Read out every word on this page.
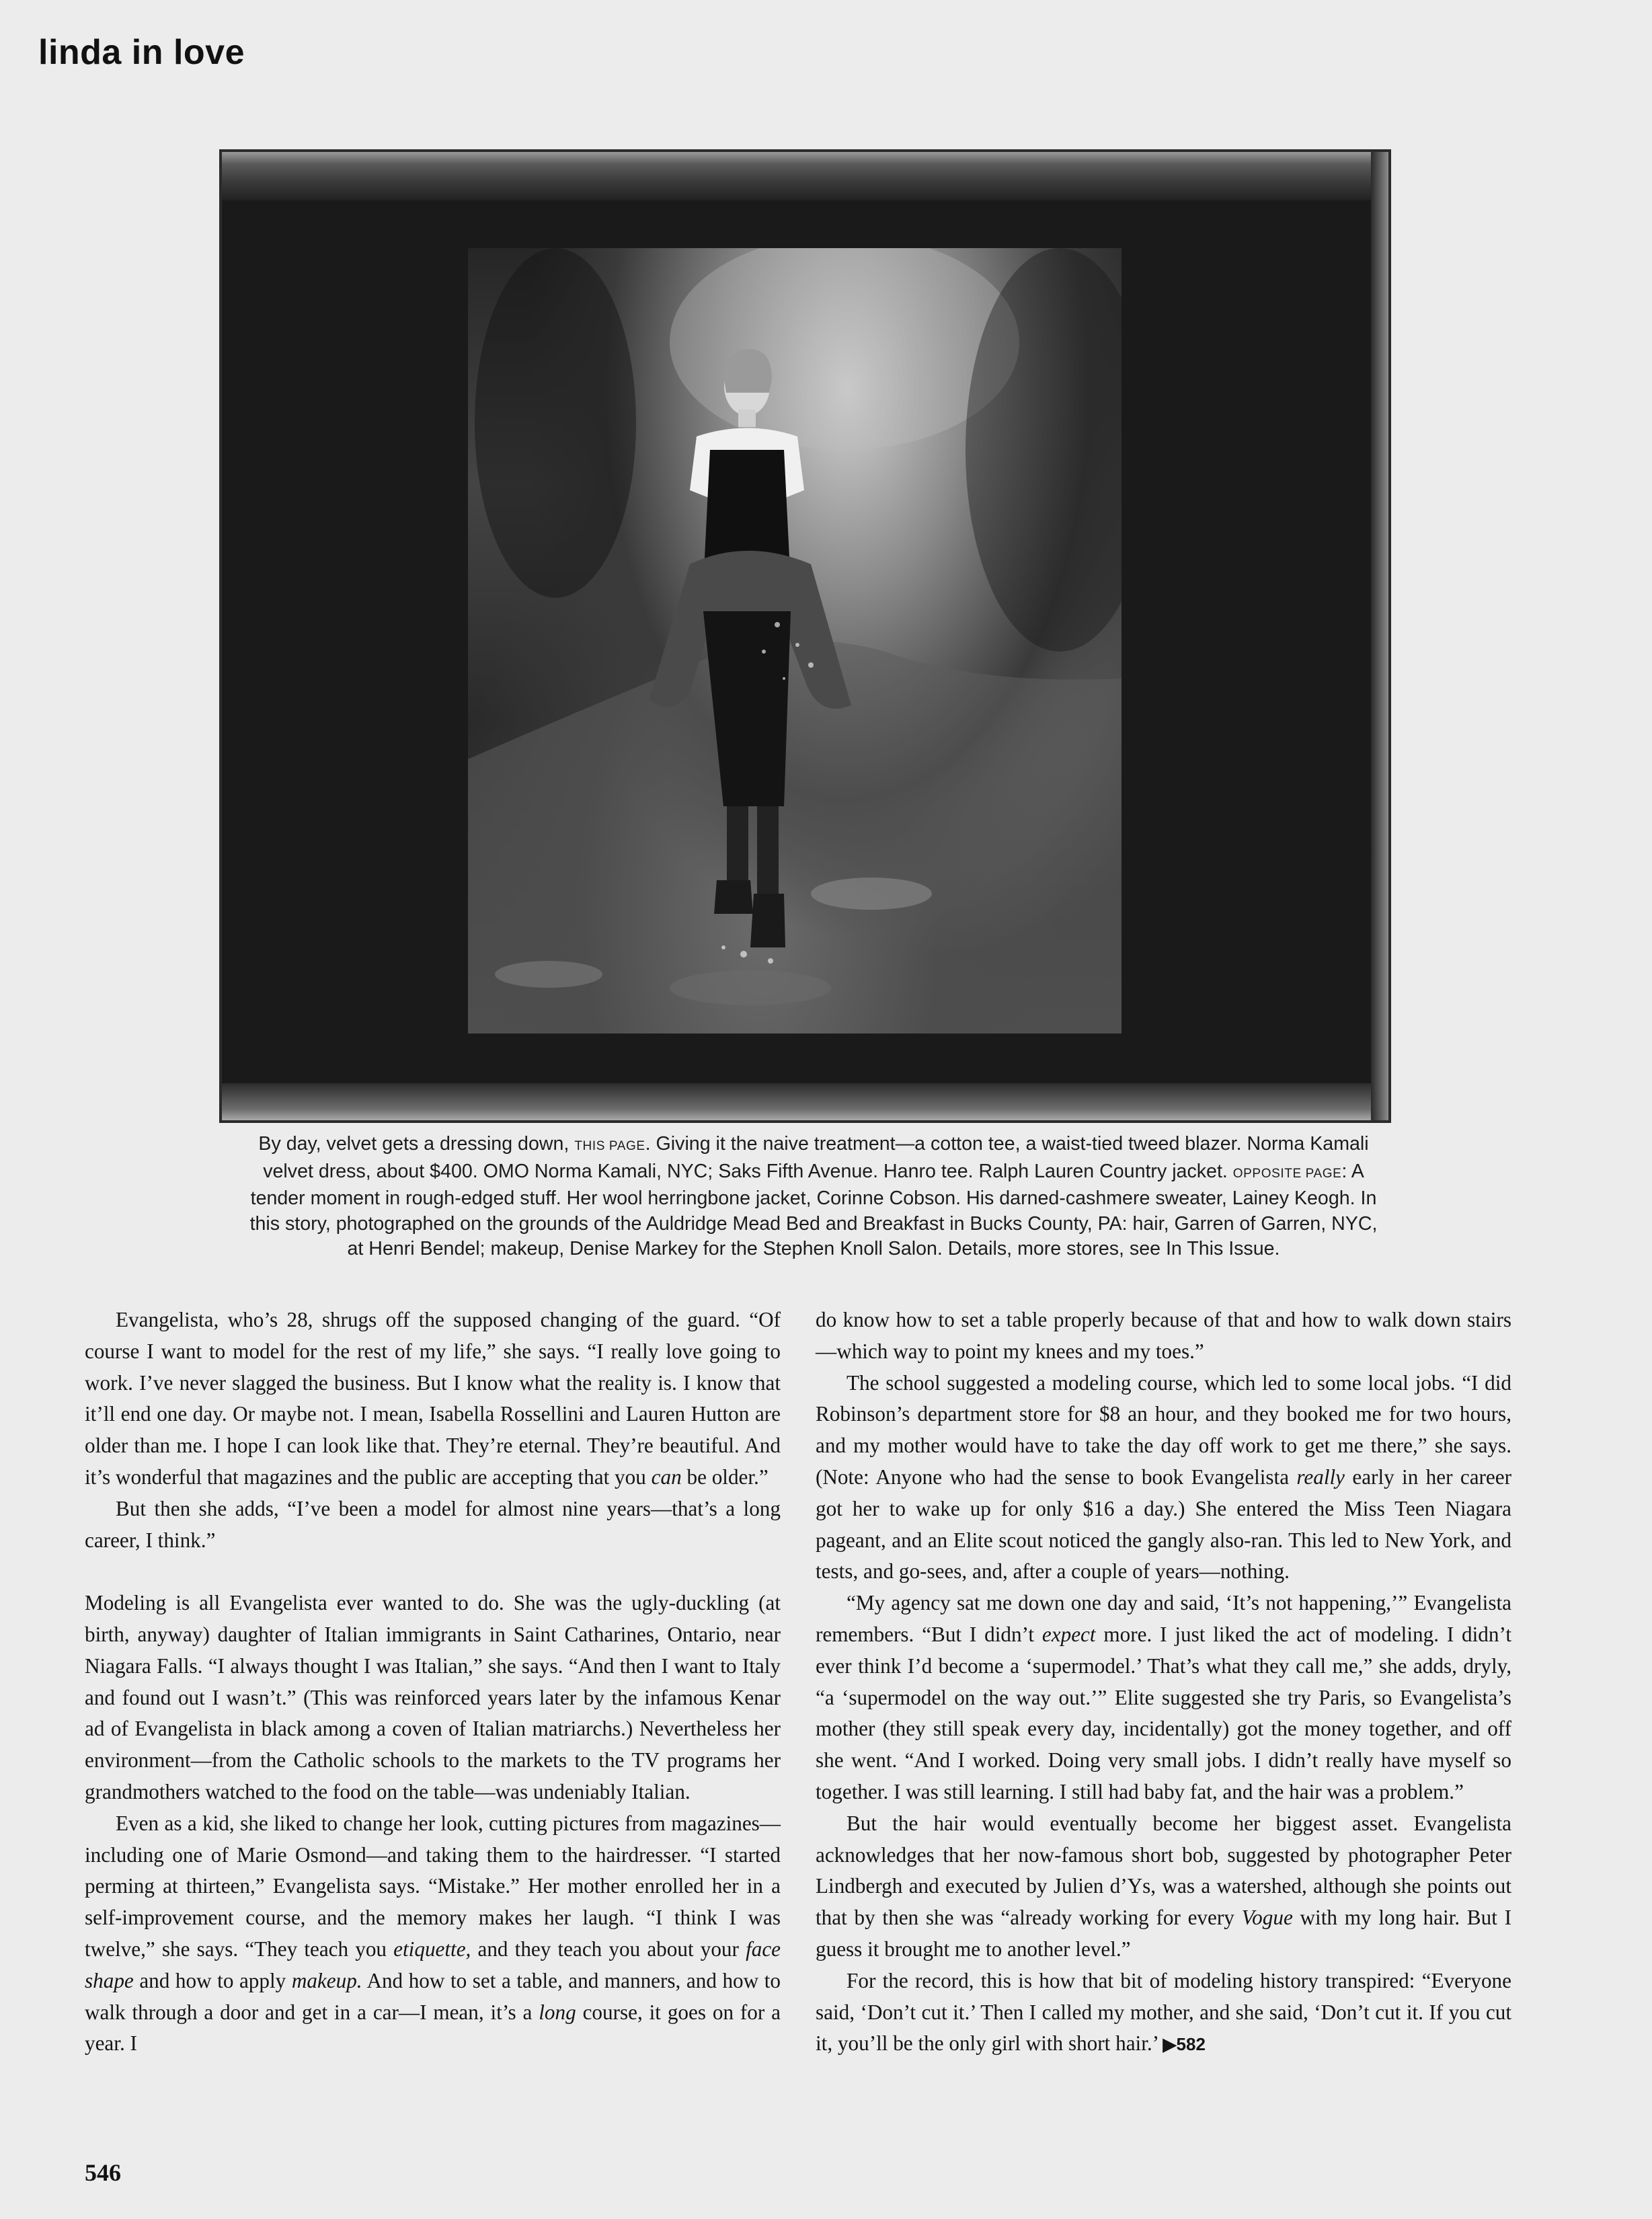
linda in love
By day, velvet gets a dressing down, THIS PAGE. Giving it the naive treatment—a cotton tee, a waist-tied tweed blazer. Norma Kamali velvet dress, about $400. OMO Norma Kamali, NYC; Saks Fifth Avenue. Hanro tee. Ralph Lauren Country jacket. OPPOSITE PAGE: A tender moment in rough-edged stuff. Her wool herringbone jacket, Corinne Cobson. His darned-cashmere sweater, Lainey Keogh. In this story, photographed on the grounds of the Auldridge Mead Bed and Breakfast in Bucks County, PA: hair, Garren of Garren, NYC, at Henri Bendel; makeup, Denise Markey for the Stephen Knoll Salon. Details, more stores, see In This Issue.

Evangelista, who’s 28, shrugs off the supposed changing of the guard. “Of course I want to model for the rest of my life,” she says. “I really love going to work. I’ve never slagged the business. But I know what the reality is. I know that it’ll end one day. Or maybe not. I mean, Isabella Rossellini and Lauren Hutton are older than me. I hope I can look like that. They’re eternal. They’re beautiful. And it’s wonderful that magazines and the public are accepting that you can be older.”

But then she adds, “I’ve been a model for almost nine years—that’s a long career, I think.”

Modeling is all Evangelista ever wanted to do. She was the ugly-duckling (at birth, anyway) daughter of Italian immigrants in Saint Catharines, Ontario, near Niagara Falls. “I always thought I was Italian,” she says. “And then I want to Italy and found out I wasn’t.” (This was reinforced years later by the infamous Kenar ad of Evangelista in black among a coven of Italian matriarchs.) Nevertheless her environment—from the Catholic schools to the markets to the TV programs her grandmothers watched to the food on the table—was undeniably Italian.

Even as a kid, she liked to change her look, cutting pictures from magazines—including one of Marie Osmond—and taking them to the hairdresser. “I started perming at thirteen,” Evangelista says. “Mistake.” Her mother enrolled her in a self-improvement course, and the memory makes her laugh. “I think I was twelve,” she says. “They teach you etiquette, and they teach you about your face shape and how to apply makeup. And how to set a table, and manners, and how to walk through a door and get in a car—I mean, it’s a long course, it goes on for a year. I

do know how to set a table properly because of that and how to walk down stairs—which way to point my knees and my toes.”

The school suggested a modeling course, which led to some local jobs. “I did Robinson’s department store for $8 an hour, and they booked me for two hours, and my mother would have to take the day off work to get me there,” she says. (Note: Anyone who had the sense to book Evangelista really early in her career got her to wake up for only $16 a day.) She entered the Miss Teen Niagara pageant, and an Elite scout noticed the gangly also-ran. This led to New York, and tests, and go-sees, and, after a couple of years—nothing.

“My agency sat me down one day and said, ‘It’s not happening,’” Evangelista remembers. “But I didn’t expect more. I just liked the act of modeling. I didn’t ever think I’d become a ‘supermodel.’ That’s what they call me,” she adds, dryly, “a ‘supermodel on the way out.’” Elite suggested she try Paris, so Evangelista’s mother (they still speak every day, incidentally) got the money together, and off she went. “And I worked. Doing very small jobs. I didn’t really have myself so together. I was still learning. I still had baby fat, and the hair was a problem.”

But the hair would eventually become her biggest asset. Evangelista acknowledges that her now-famous short bob, suggested by photographer Peter Lindbergh and executed by Julien d’Ys, was a watershed, although she points out that by then she was “already working for every Vogue with my long hair. But I guess it brought me to another level.”

For the record, this is how that bit of modeling history transpired: “Everyone said, ‘Don’t cut it.’ Then I called my mother, and she said, ‘Don’t cut it. If you cut it, you’ll be the only girl with short hair.’ ▶582

546
